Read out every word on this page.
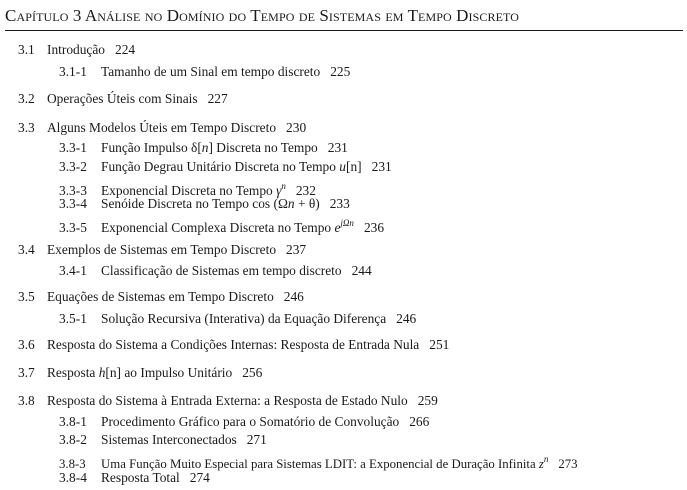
Capítulo 3 Análise no Domínio do Tempo de Sistemas em Tempo Discreto
3.1 Introdução 224
3.1-1 Tamanho de um Sinal em tempo discreto 225
3.2 Operações Úteis com Sinais 227
3.3 Alguns Modelos Úteis em Tempo Discreto 230
3.3-1 Função Impulso δ[n] Discreta no Tempo 231
3.3-2 Função Degrau Unitário Discreta no Tempo u[n] 231
3.3-3 Exponencial Discreta no Tempo $\gamma^n$ 232
3.3-4 Senóide Discreta no Tempo cos (Ωn + θ) 233
3.3-5 Exponencial Complexa Discreta no Tempo $e^{j\Omega n}$ 236
3.4 Exemplos de Sistemas em Tempo Discreto 237
3.4-1 Classificação de Sistemas em tempo discreto 244
3.5 Equações de Sistemas em Tempo Discreto 246
3.5-1 Solução Recursiva (Interativa) da Equação Diferença 246
3.6 Resposta do Sistema a Condições Internas: Resposta de Entrada Nula 251
3.7 Resposta h[n] ao Impulso Unitário 256
3.8 Resposta do Sistema à Entrada Externa: a Resposta de Estado Nulo 259
3.8-1 Procedimento Gráfico para o Somatório de Convolução 266
3.8-2 Sistemas Interconectados 271
3.8-3 Uma Função Muito Especial para Sistemas LDIT: a Exponencial de Duração Infinita $z^n$ 273
3.8-4 Resposta Total 274
